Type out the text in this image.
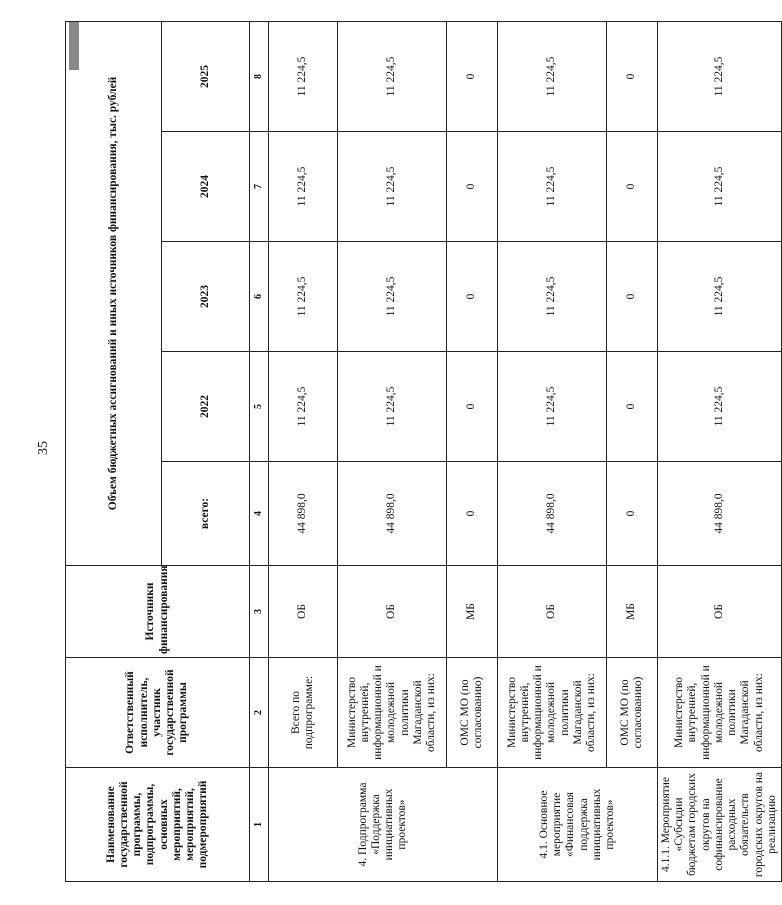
35
Наименование государственной программы, подпрограммы, основных мероприятий, мероприятий, подмероприятий	Ответственный исполнитель, участник государственной программы	Источники финансирования	Объем бюджетных ассигнований и иных источников финансирования, тыс. рублей				
			всего:	2022	2023	2024	2025
1	2	3	4	5	6	7	8
4. Подпрограмма «Поддержка инициативных проектов»	Всего по подпрограмме:	ОБ	44 898,0	11 224,5	11 224,5	11 224,5	11 224,5
	Министерство внутренней, информационной и молодежной политики Магаданской области, из них:	ОБ	44 898,0	11 224,5	11 224,5	11 224,5	11 224,5
	ОМС МО (по согласованию)	МБ	0	0	0	0	0
4.1. Основное мероприятие «Финансовая поддержка инициативных проектов»	Министерство внутренней, информационной и молодежной политики Магаданской области, из них:	ОБ	44 898,0	11 224,5	11 224,5	11 224,5	11 224,5
	ОМС МО (по согласованию)	МБ	0	0	0	0	0
4.1.1. Мероприятие «Субсидии бюджетам городских округов на софинансирование расходных обязательств городских округов на реализацию	Министерство внутренней, информационной и молодежной политики Магаданской области, из них:	ОБ	44 898,0	11 224,5	11 224,5	11 224,5	11 224,5
